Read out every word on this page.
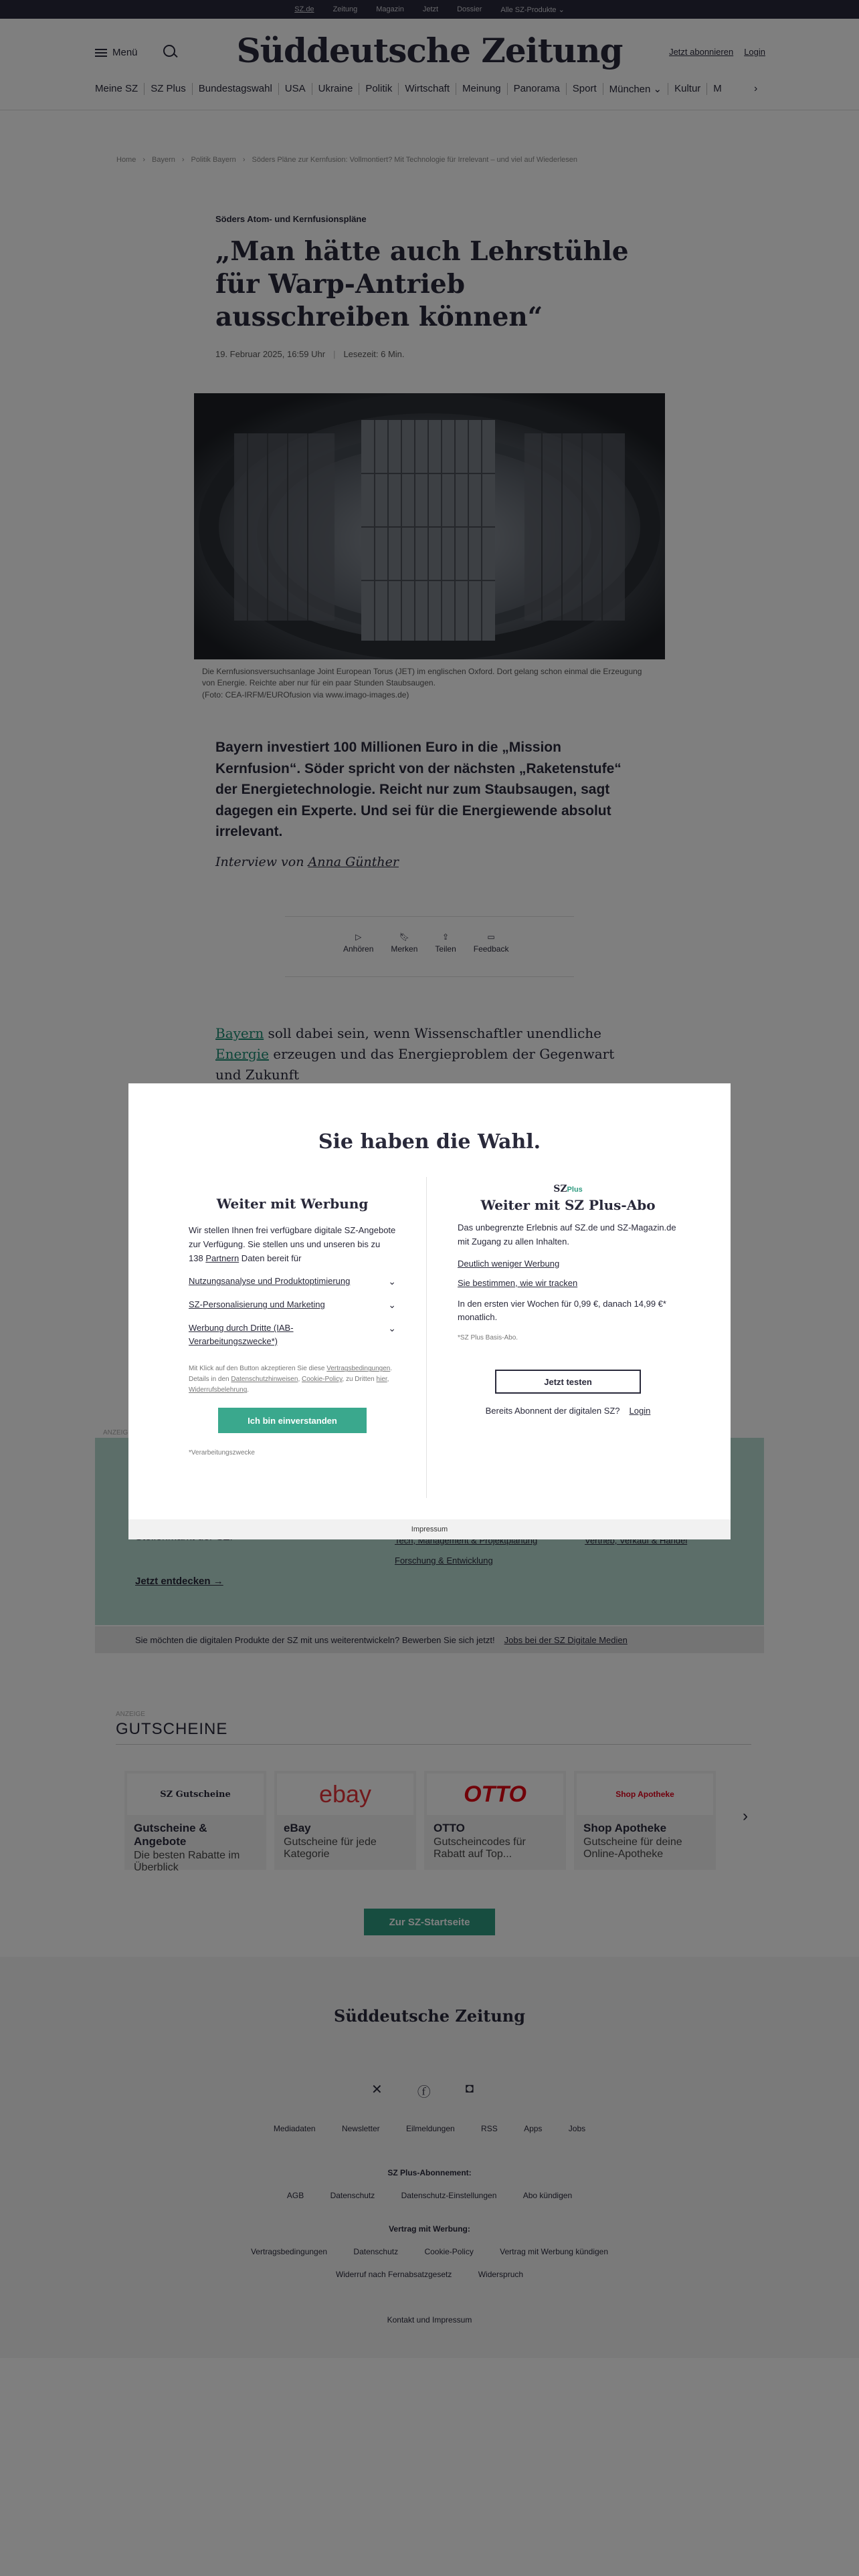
Sie haben die Wahl.
Weiter mit Werbung
Wir stellen Ihnen frei verfügbare digitale SZ-Angebote zur Verfügung. Sie stellen uns und unseren bis zu 138 Partnern Daten bereit für
Nutzungsanalyse und Produktoptimierung	⌄
SZ-Personalisierung und Marketing	⌄
Werbung durch Dritte (IAB-Verarbeitungszwecke*)
⌄
Mit Klick auf den Button akzeptieren Sie diese Vertragsbedingungen. Details in den Datenschutzhinweisen, Cookie-Policy, zu Dritten hier, Widerrufsbelehrung.
Ich bin einverstanden
*Verarbeitungszwecke
SZPlus
Weiter mit SZ Plus-Abo
Das unbegrenzte Erlebnis auf SZ.de und SZ-Magazin.de mit Zugang zu allen Inhalten.
Deutlich weniger Werbung
Sie bestimmen, wie wir tracken
In den ersten vier Wochen für 0,99 €, danach 14,99 €* monatlich.
*SZ Plus Basis-Abo.
Jetzt testen
Bereits Abonnent der digitalen SZ? Login
Impressum
